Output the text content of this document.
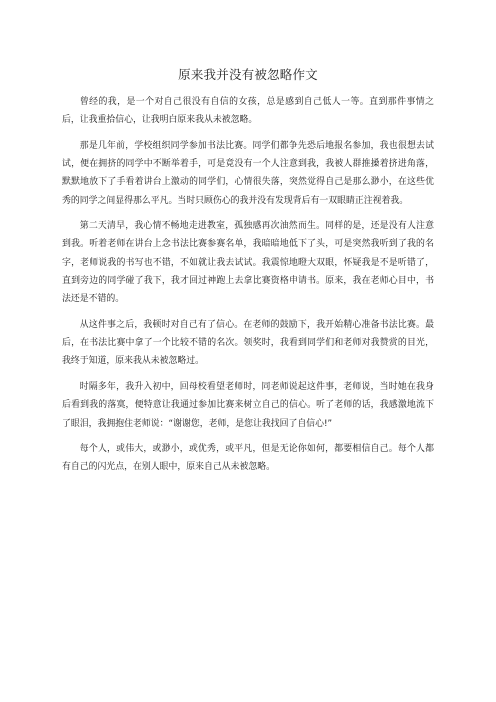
原来我并没有被忽略作文

曾经的我，是一个对自己很没有自信的女孩，总是感到自己低人一等。直到那件事情之后，让我重拾信心，让我明白原来我从未被忽略。

那是几年前，学校组织同学参加书法比赛。同学们都争先恐后地报名参加，我也很想去试试，便在拥挤的同学中不断举着手，可是竟没有一个人注意到我，我被人群推搡着挤进角落，默默地放下了手看着讲台上激动的同学们，心情很失落，突然觉得自己是那么渺小，在这些优秀的同学之间显得那么平凡。当时只顾伤心的我并没有发现背后有一双眼睛正注视着我。

第二天清早，我心情不畅地走进教室，孤独感再次油然而生。同样的是，还是没有人注意到我。听着老师在讲台上念书法比赛参赛名单，我暗暗地低下了头，可是突然我听到了我的名字，老师说我的书写也不错，不如就让我去试试。我震惊地瞪大双眼，怀疑我是不是听错了，直到旁边的同学碰了我下，我才回过神跑上去拿比赛资格申请书。原来，我在老师心目中，书法还是不错的。

从这件事之后，我顿时对自己有了信心。在老师的鼓励下，我开始精心准备书法比赛。最后，在书法比赛中拿了一个比较不错的名次。领奖时，我看到同学们和老师对我赞赏的目光，我终于知道，原来我从未被忽略过。

时隔多年，我升入初中，回母校看望老师时，同老师说起这件事，老师说，当时她在我身后看到我的落寞，便特意让我通过参加比赛来树立自己的信心。听了老师的话，我感激地流下了眼泪，我拥抱住老师说：“谢谢您，老师，是您让我找回了自信心!”

每个人，或伟大，或渺小，或优秀，或平凡，但是无论你如何，都要相信自己。每个人都有自己的闪光点，在别人眼中，原来自己从未被忽略。
